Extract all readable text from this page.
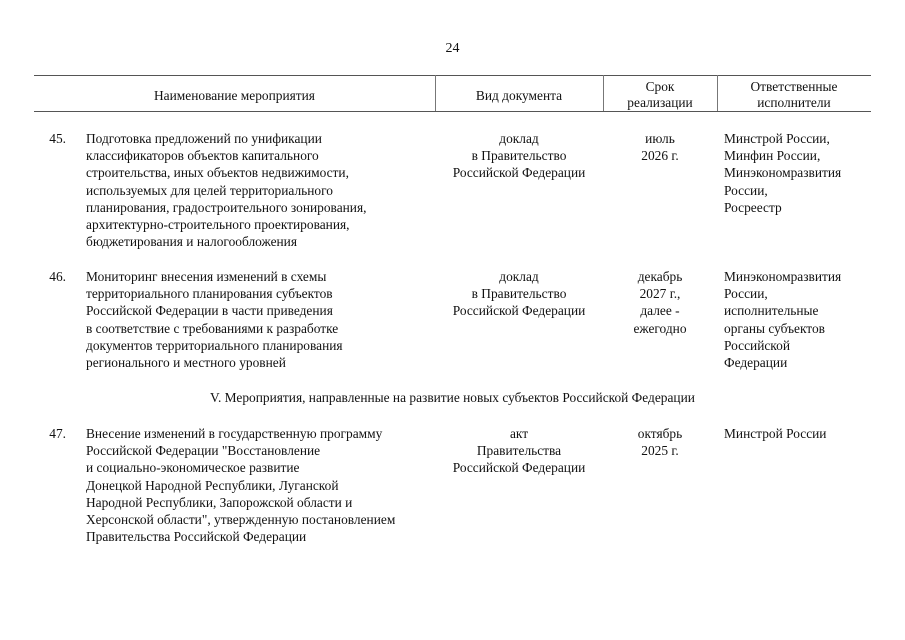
24
Наименование мероприятия	Вид документа
Срок
реализации
Ответственные
исполнители
45. Подготовка предложений по унификации
классификаторов объектов капитального
строительства, иных объектов недвижимости,
используемых для целей территориального
планирования, градостроительного зонирования,
архитектурно-строительного проектирования,
бюджетирования и налогообложения
доклад
в Правительство
Российской Федерации
июль
2026 г.
Минстрой России,
Минфин России,
Минэкономразвития
России,
Росреестр
46. Мониторинг внесения изменений в схемы
территориального планирования субъектов
Российской Федерации в части приведения
в соответствие с требованиями к разработке
документов территориального планирования
регионального и местного уровней
доклад
в Правительство
Российской Федерации
декабрь
2027 г.,
далее -
ежегодно
Минэкономразвития
России,
исполнительные
органы субъектов
Российской
Федерации
V. Мероприятия, направленные на развитие новых субъектов Российской Федерации
47. Внесение изменений в государственную программу
Российской Федерации "Восстановление
и социально-экономическое развитие
Донецкой Народной Республики, Луганской
Народной Республики, Запорожской области и
Херсонской области", утвержденную постановлением
Правительства Российской Федерации
акт
Правительства
Российской Федерации
октябрь
2025 г.
Минстрой России
